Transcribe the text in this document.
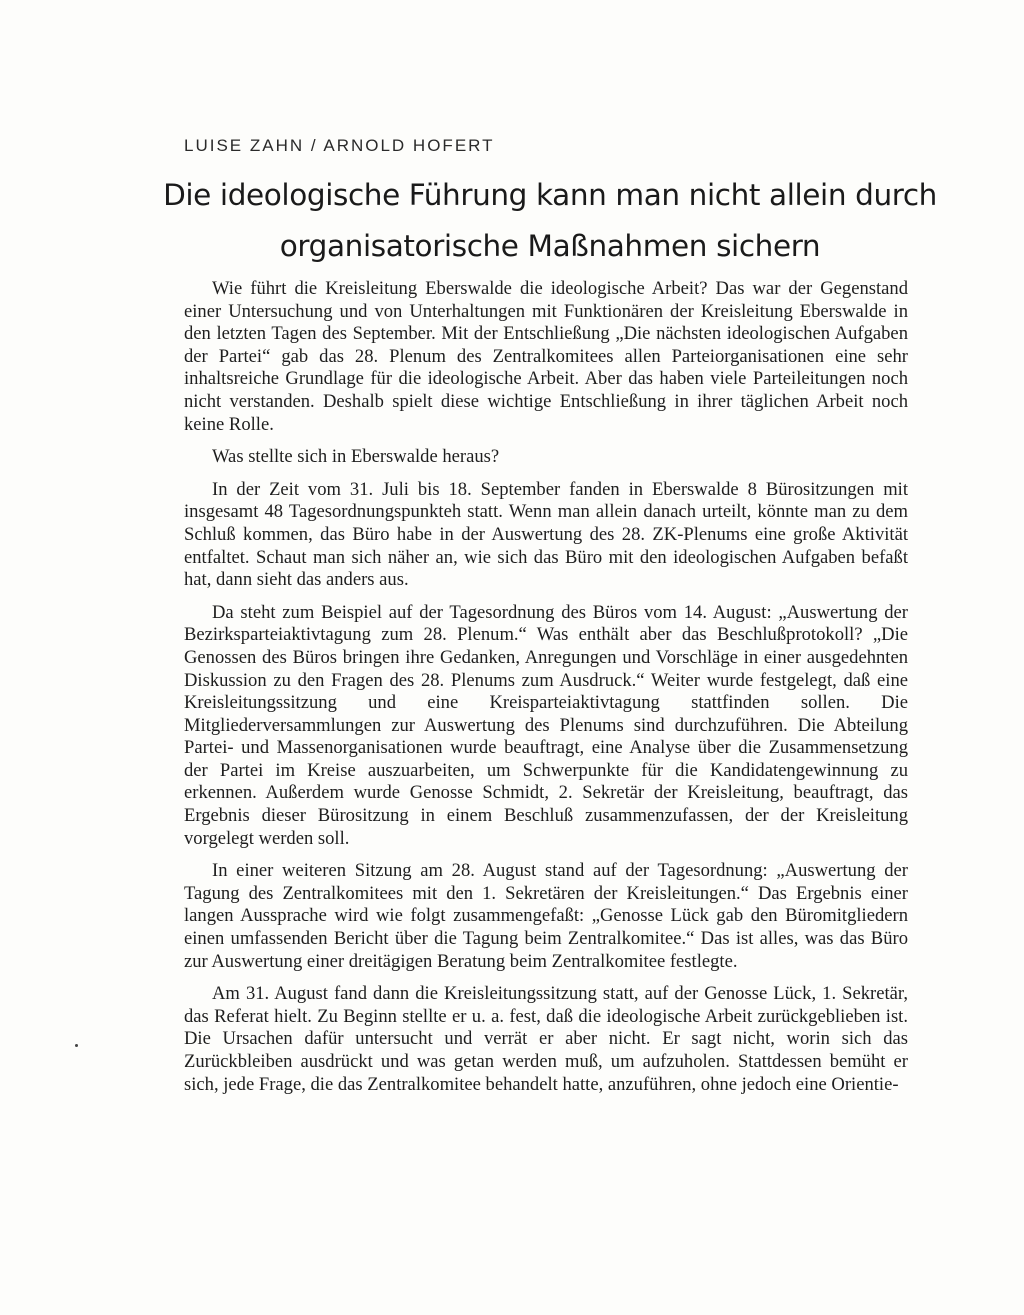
LUISE ZAHN / ARNOLD HOFERT
Die ideologische Führung kann man nicht allein durch
organisatorische Maßnahmen sichern

Wie führt die Kreisleitung Eberswalde die ideologische Arbeit? Das war der Gegenstand einer Untersuchung und von Unterhaltungen mit Funktionären der Kreisleitung Eberswalde in den letzten Tagen des September. Mit der Entschließung „Die nächsten ideologischen Aufgaben der Partei“ gab das 28. Plenum des Zentralkomitees allen Parteiorganisationen eine sehr inhaltsreiche Grundlage für die ideologische Arbeit. Aber das haben viele Parteileitungen noch nicht verstanden. Deshalb spielt diese wichtige Entschließung in ihrer täglichen Arbeit noch keine Rolle.

Was stellte sich in Eberswalde heraus?

In der Zeit vom 31. Juli bis 18. September fanden in Eberswalde 8 Bürositzungen mit insgesamt 48 Tagesordnungspunkteh statt. Wenn man allein danach urteilt, könnte man zu dem Schluß kommen, das Büro habe in der Auswertung des 28. ZK-Plenums eine große Aktivität entfaltet. Schaut man sich näher an, wie sich das Büro mit den ideologischen Aufgaben befaßt hat, dann sieht das anders aus.

Da steht zum Beispiel auf der Tagesordnung des Büros vom 14. August: „Auswertung der Bezirksparteiaktivtagung zum 28. Plenum.“ Was enthält aber das Beschlußprotokoll? „Die Genossen des Büros bringen ihre Gedanken, Anregungen und Vorschläge in einer ausgedehnten Diskussion zu den Fragen des 28. Plenums zum Ausdruck.“ Weiter wurde festgelegt, daß eine Kreisleitungssitzung und eine Kreisparteiaktivtagung stattfinden sollen. Die Mitgliederversammlungen zur Auswertung des Plenums sind durchzuführen. Die Abteilung Partei- und Massenorganisationen wurde beauftragt, eine Analyse über die Zusammensetzung der Partei im Kreise auszuarbeiten, um Schwerpunkte für die Kandidatengewinnung zu erkennen. Außerdem wurde Genosse Schmidt, 2. Sekretär der Kreisleitung, beauftragt, das Ergebnis dieser Bürositzung in einem Beschluß zusammenzufassen, der der Kreisleitung vorgelegt werden soll.

In einer weiteren Sitzung am 28. August stand auf der Tagesordnung: „Auswertung der Tagung des Zentralkomitees mit den 1. Sekretären der Kreisleitungen.“ Das Ergebnis einer langen Aussprache wird wie folgt zusammengefaßt: „Genosse Lück gab den Büromitgliedern einen umfassenden Bericht über die Tagung beim Zentralkomitee.“ Das ist alles, was das Büro zur Auswertung einer dreitägigen Beratung beim Zentralkomitee festlegte.

Am 31. August fand dann die Kreisleitungssitzung statt, auf der Genosse Lück, 1. Sekretär, das Referat hielt. Zu Beginn stellte er u. a. fest, daß die ideologische Arbeit zurückgeblieben ist. Die Ursachen dafür untersucht und verrät er aber nicht. Er sagt nicht, worin sich das Zurückbleiben ausdrückt und was getan werden muß, um aufzuholen. Stattdessen bemüht er sich, jede Frage, die das Zentralkomitee behandelt hatte, anzuführen, ohne jedoch eine Orientie-
